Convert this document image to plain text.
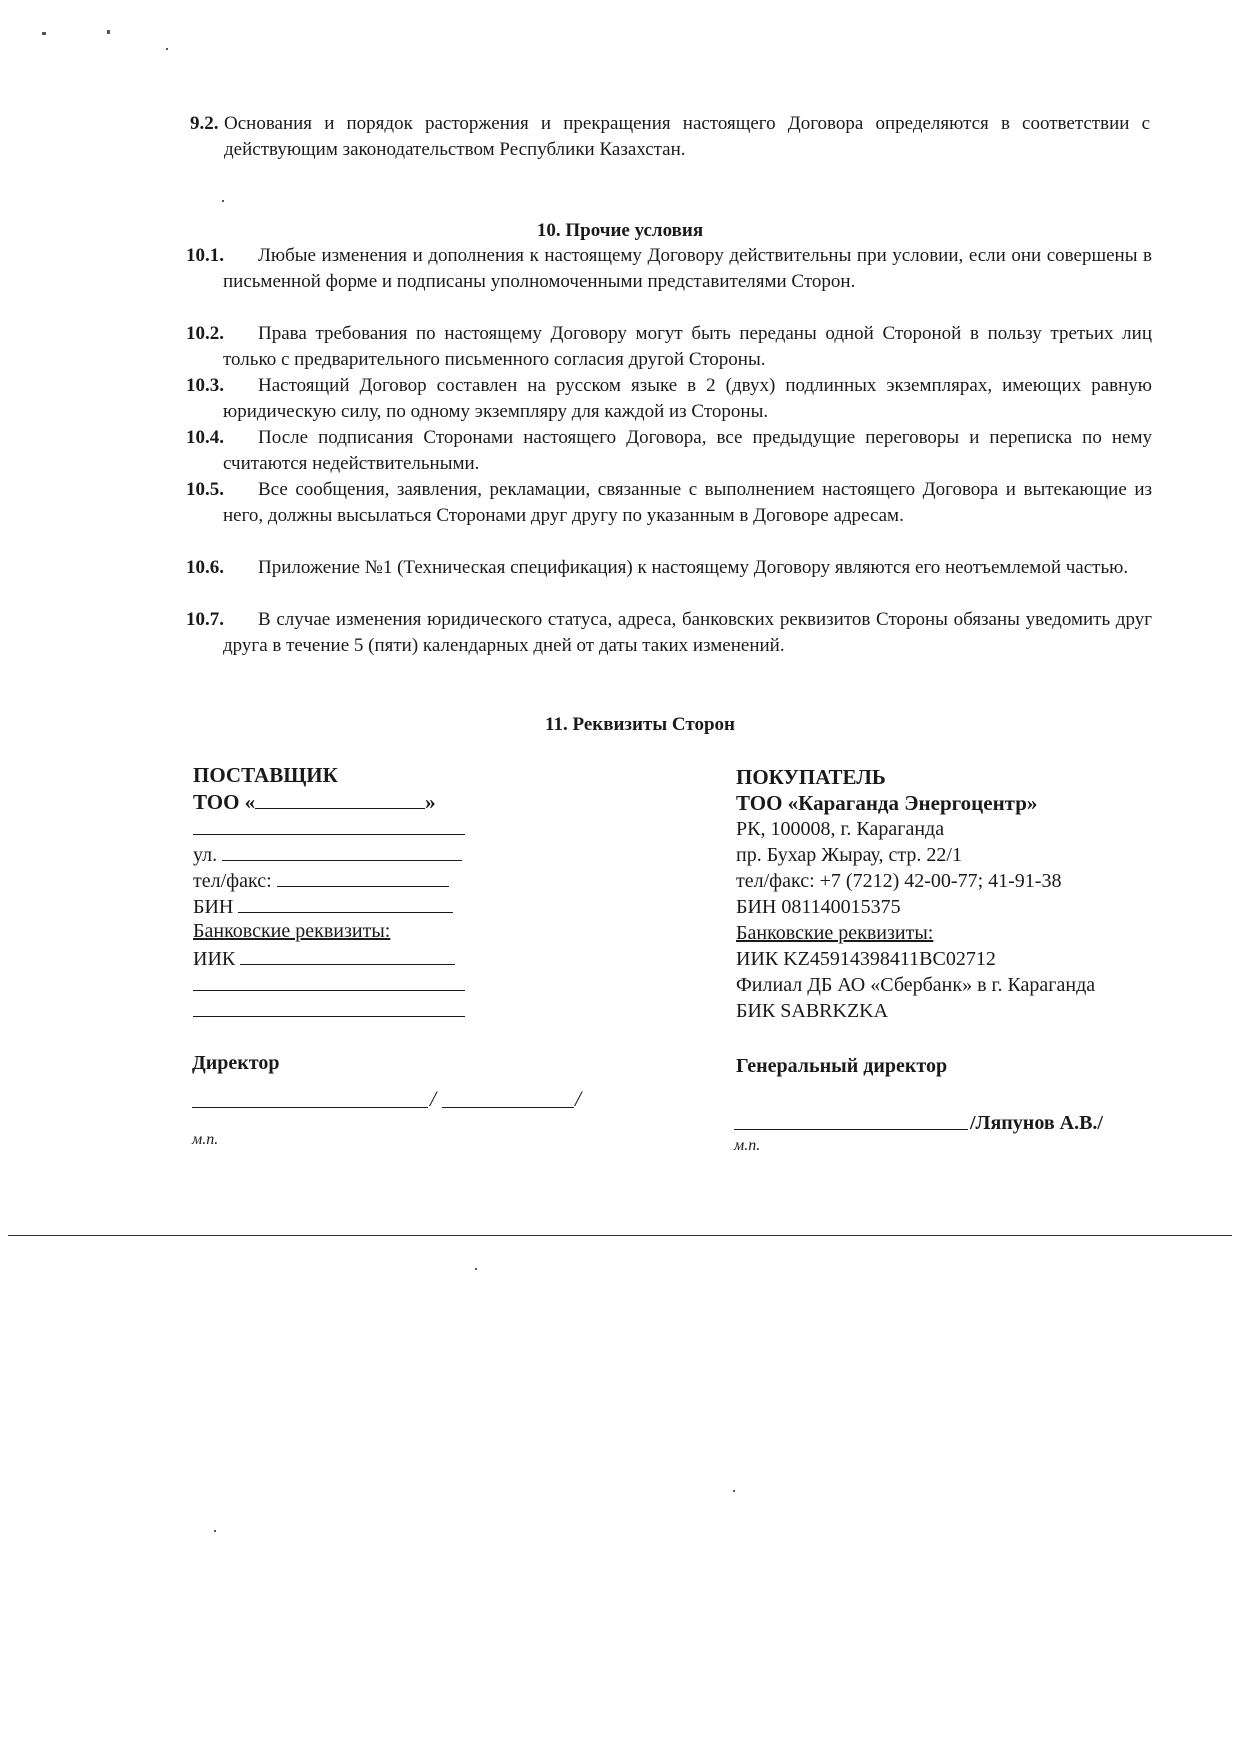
9.2. Основания и порядок расторжения и прекращения настоящего Договора определяются в соответствии с действующим законодательством Республики Казахстан.
10. Прочие условия
10.1.	Любые изменения и дополнения к настоящему Договору действительны при условии, если они совершены в письменной форме и подписаны уполномоченными представителями Сторон.
10.2.	Права требования по настоящему Договору могут быть переданы одной Стороной в пользу третьих лиц только с предварительного письменного согласия другой Стороны.
10.3.	Настоящий Договор составлен на русском языке в 2 (двух) подлинных экземплярах, имеющих равную юридическую силу, по одному экземпляру для каждой из Стороны.
10.4.	После подписания Сторонами настоящего Договора, все предыдущие переговоры и переписка по нему считаются недействительными.
10.5.	Все сообщения, заявления, рекламации, связанные с выполнением настоящего Договора и вытекающие из него, должны высылаться Сторонами друг другу по указанным в Договоре адресам.
10.6.	Приложение №1 (Техническая спецификация) к настоящему Договору являются его неотъемлемой частью.
10.7.	В случае изменения юридического статуса, адреса, банковских реквизитов Стороны обязаны уведомить друг друга в течение 5 (пяти) календарных дней от даты таких изменений.
11. Реквизиты Сторон
ПОСТАВЩИК
ТОО «	»
ул.
тел/факс:
БИН
Банковские реквизиты:
ИИК
Директор
/	/
м.п.
ПОКУПАТЕЛЬ
ТОО «Караганда Энергоцентр»
РК, 100008, г. Караганда
пр. Бухар Жырау, стр. 22/1
тел/факс: +7 (7212) 42-00-77; 41-91-38
БИН 081140015375
Банковские реквизиты:
ИИК KZ45914398411BC02712
Филиал ДБ АО «Сбербанк» в г. Караганда
БИК SABRKZKA
Генеральный директор
/Ляпунов А.В./
м.п.
